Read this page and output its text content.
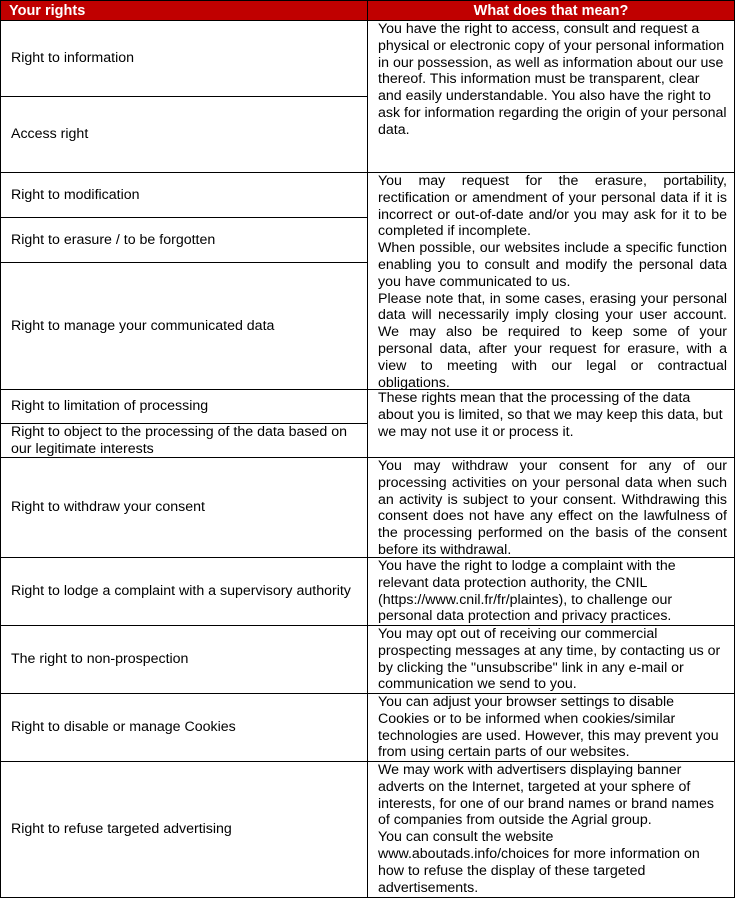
Your rights	What does that mean?
Right to information
Access right
Right to modification
Right to erasure / to be forgotten
Right to manage your communicated data
Right to limitation of processing
Right to object to the processing of the data based on our legitimate interests
Right to withdraw your consent
Right to lodge a complaint with a supervisory authority
The right to non-prospection
Right to disable or manage Cookies
Right to refuse targeted advertising

You have the right to access, consult and request a physical or electronic copy of your personal information in our possession, as well as information about our use thereof. This information must be transparent, clear and easily understandable. You also have the right to ask for information regarding the origin of your personal data.

You may request for the erasure, portability, rectification or amendment of your personal data if it is incorrect or out-of-date and/or you may ask for it to be completed if incomplete.

When possible, our websites include a specific function enabling you to consult and modify the personal data you have communicated to us.

Please note that, in some cases, erasing your personal data will necessarily imply closing your user account. We may also be required to keep some of your personal data, after your request for erasure, with a view to meeting with our legal or contractual obligations.

These rights mean that the processing of the data about you is limited, so that we may keep this data, but we may not use it or process it.

You may withdraw your consent for any of our processing activities on your personal data when such an activity is subject to your consent. Withdrawing this consent does not have any effect on the lawfulness of the processing performed on the basis of the consent before its withdrawal.

You have the right to lodge a complaint with the relevant data protection authority, the CNIL (https://www.cnil.fr/fr/plaintes), to challenge our personal data protection and privacy practices.

You may opt out of receiving our commercial prospecting messages at any time, by contacting us or by clicking the "unsubscribe" link in any e-mail or communication we send to you.

You can adjust your browser settings to disable Cookies or to be informed when cookies/similar technologies are used. However, this may prevent you from using certain parts of our websites.

We may work with advertisers displaying banner adverts on the Internet, targeted at your sphere of interests, for one of our brand names or brand names of companies from outside the Agrial group.

You can consult the website www.aboutads.info/choices for more information on how to refuse the display of these targeted advertisements.
